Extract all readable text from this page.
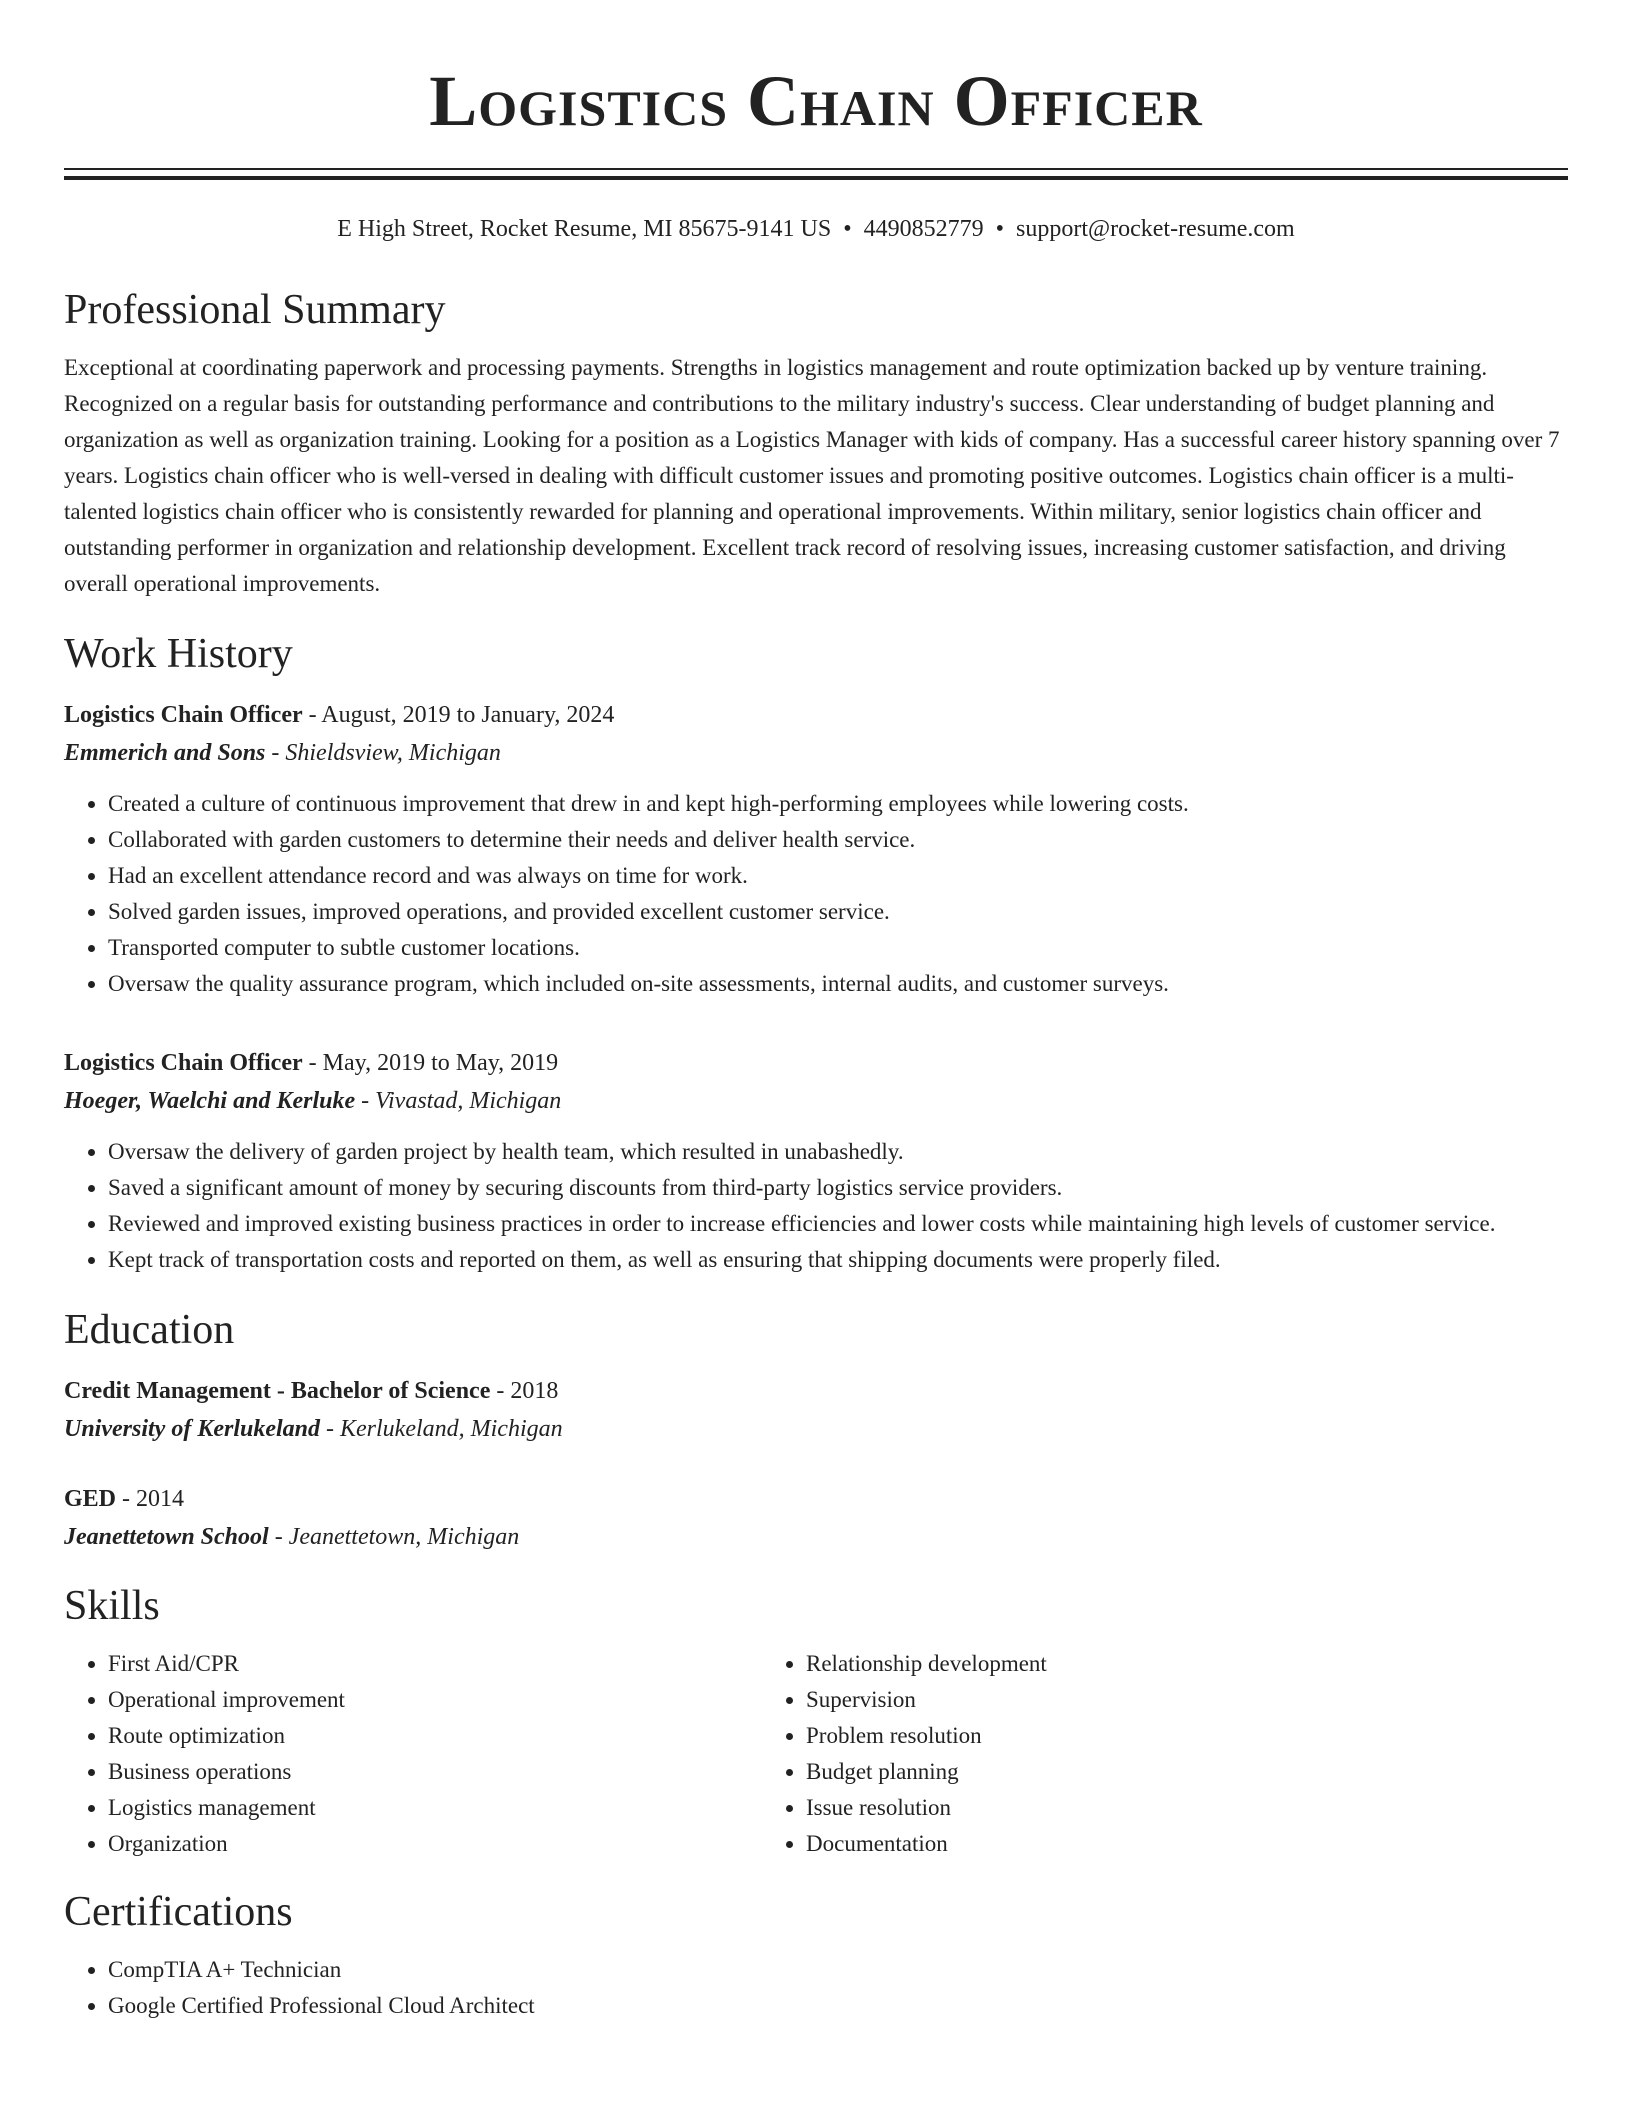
Logistics Chain Officer
E High Street, Rocket Resume, MI 85675-9141 US • 4490852779 • support@rocket-resume.com
Professional Summary

Exceptional at coordinating paperwork and processing payments. Strengths in logistics management and route optimization backed up by venture training. Recognized on a regular basis for outstanding performance and contributions to the military industry's success. Clear understanding of budget planning and organization as well as organization training. Looking for a position as a Logistics Manager with kids of company. Has a successful career history spanning over 7 years. Logistics chain officer who is well-versed in dealing with difficult customer issues and promoting positive outcomes. Logistics chain officer is a multi-talented logistics chain officer who is consistently rewarded for planning and operational improvements. Within military, senior logistics chain officer and outstanding performer in organization and relationship development. Excellent track record of resolving issues, increasing customer satisfaction, and driving overall operational improvements.

Work History
Logistics Chain Officer - August, 2019 to January, 2024
Emmerich and Sons - Shieldsview, Michigan
• Created a culture of continuous improvement that drew in and kept high-performing employees while lowering costs.
• Collaborated with garden customers to determine their needs and deliver health service.
• Had an excellent attendance record and was always on time for work.
• Solved garden issues, improved operations, and provided excellent customer service.
• Transported computer to subtle customer locations.
• Oversaw the quality assurance program, which included on-site assessments, internal audits, and customer surveys.
Logistics Chain Officer - May, 2019 to May, 2019
Hoeger, Waelchi and Kerluke - Vivastad, Michigan
• Oversaw the delivery of garden project by health team, which resulted in unabashedly.
• Saved a significant amount of money by securing discounts from third-party logistics service providers.
• Reviewed and improved existing business practices in order to increase efficiencies and lower costs while maintaining high levels of customer service.
• Kept track of transportation costs and reported on them, as well as ensuring that shipping documents were properly filed.
Education
Credit Management - Bachelor of Science - 2018
University of Kerlukeland - Kerlukeland, Michigan
GED - 2014
Jeanettetown School - Jeanettetown, Michigan
Skills
• First Aid/CPR
• Operational improvement
• Route optimization
• Business operations
• Logistics management
• Organization
• Relationship development
• Supervision
• Problem resolution
• Budget planning
• Issue resolution
• Documentation
Certifications
• CompTIA A+ Technician
• Google Certified Professional Cloud Architect
